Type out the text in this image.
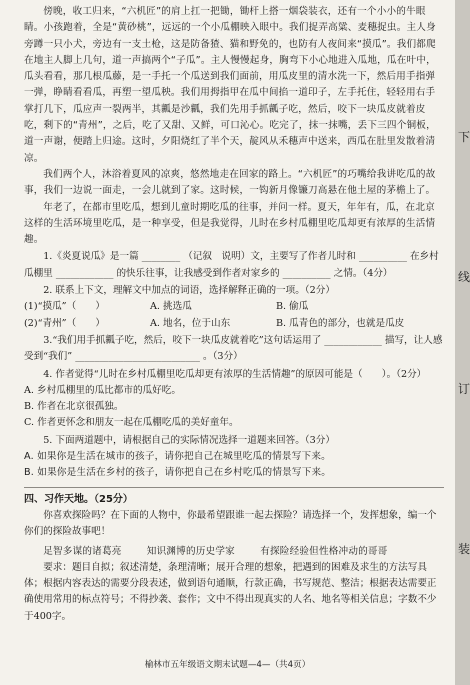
傍晚，收工归来，“六机匠”的肩上扛一把锄，锄杆上搭一烟袋装衣，还有一个小小的牛眼睛。小孩跑着，全是“黄砂桃”，远远的一个小瓜棚映入眼中。我们捉弄高粱、麦穗捉虫。主人身旁蹲一只小犬，旁边有一支土枪，这是防备猹、猫和野免的，也防有人夜间来“摸瓜”。我们都爬在地主人脚上几句，道一声搞两个“子瓜”。主人慢慢起身，胸弯下小心地进入瓜地，瓜在叶中，瓜头看看，那几根瓜藤，是一手托一个瓜送到我们面前，用瓜皮里的清水洗一下，然后用手指弹一弹，睁睛看看瓜，再塑一望瓜秧。我们用拇指甲在瓜中间掐一道印子，左手托住，轻轻用右手掌打几下，瓜应声一裂两半，其瓤是沙瓤，我们先用手抓瓤子吃，然后，咬下一块瓜皮就着皮吃，剩下的“青州”，之后，吃了又甜、又鲜，可口沁心。吃完了，抹一抹嘴，丢下三四个铜板，道一声谢，便踏上归途。这时，夕阳烧红了半个天，靛风从禾穗声中送来，西瓜在肚里发散着清凉。

我们两个人，沐浴着夏风的凉爽，悠然地走在回家的路上。“六机匠”的巧嘴给我讲吃瓜的故事，我们一边说一面走，一会儿就到了家。这时候，一钩新月像镰刀高悬在他土屋的茅檐上了。

年老了，在都市里吃瓜，想到儿童时期吃瓜的往事，并问一样。夏天，年年有，瓜，在北京这样的生活环境里吃瓜，是一种享受，但是我觉得，儿时在乡村瓜棚里吃瓜却更有浓厚的生活情趣。

1.《炎夏说瓜》是一篇 ________ （记叙　说明）文，主要写了作者儿时和 __________ 在乡村瓜棚里 ____________ 的快乐往事，让我感受到作者对家乡的 __________ 之情。（4分）

2. 联系上下文，理解文中加点的词语，选择解释正确的一项。（2分）

(1)“摸瓜”（　　）	A. 挑选瓜	B. 偷瓜
(2)“青州”（　　）	A. 地名，位于山东	B. 瓜青色的部分，也就是瓜皮

3.“我们用手抓瓤子吃，然后，咬下一块瓜皮就着吃”这句话运用了 ____________ 描写，让人感受到“我们” __________________________ 。（3分）

4. 作者觉得“儿时在乡村瓜棚里吃瓜却更有浓厚的生活情趣”的原因可能是（　　）。（2分）

A. 乡村瓜棚里的瓜比都市的瓜好吃。

B. 作者在北京很孤独。

C. 作者更怀念和朋友一起在瓜棚吃瓜的美好童年。

5. 下面两道题中，请根据自己的实际情况选择一道题来回答。（3分）

A. 如果你是生活在城市的孩子，请你把自己在城里吃瓜的情景写下来。

B. 如果你是生活在乡村的孩子，请你把自己在乡村吃瓜的情景写下来。

四、习作天地。（25分）

你喜欢探险吗？在下面的人物中，你最希望跟谁一起去探险？请选择一个，发挥想象，编一个你们的探险故事吧！

足智多谋的诸葛亮	知识渊博的历史学家	有探险经验但性格冲动的哥哥

要求：题目自拟；叙述清楚，条理清晰；展开合理的想象，把遇到的困难及求生的方法写具体；根据内容表达的需要分段表述，做到语句通顺，行款正确，书写规范、整洁；根据表达需要正确使用常用的标点符号；不得抄袭、套作；文中不得出现真实的人名、地名等相关信息；字数不少于400字。

榆林市五年级语文期末试题—4—（共4页）
下
线
订
装
